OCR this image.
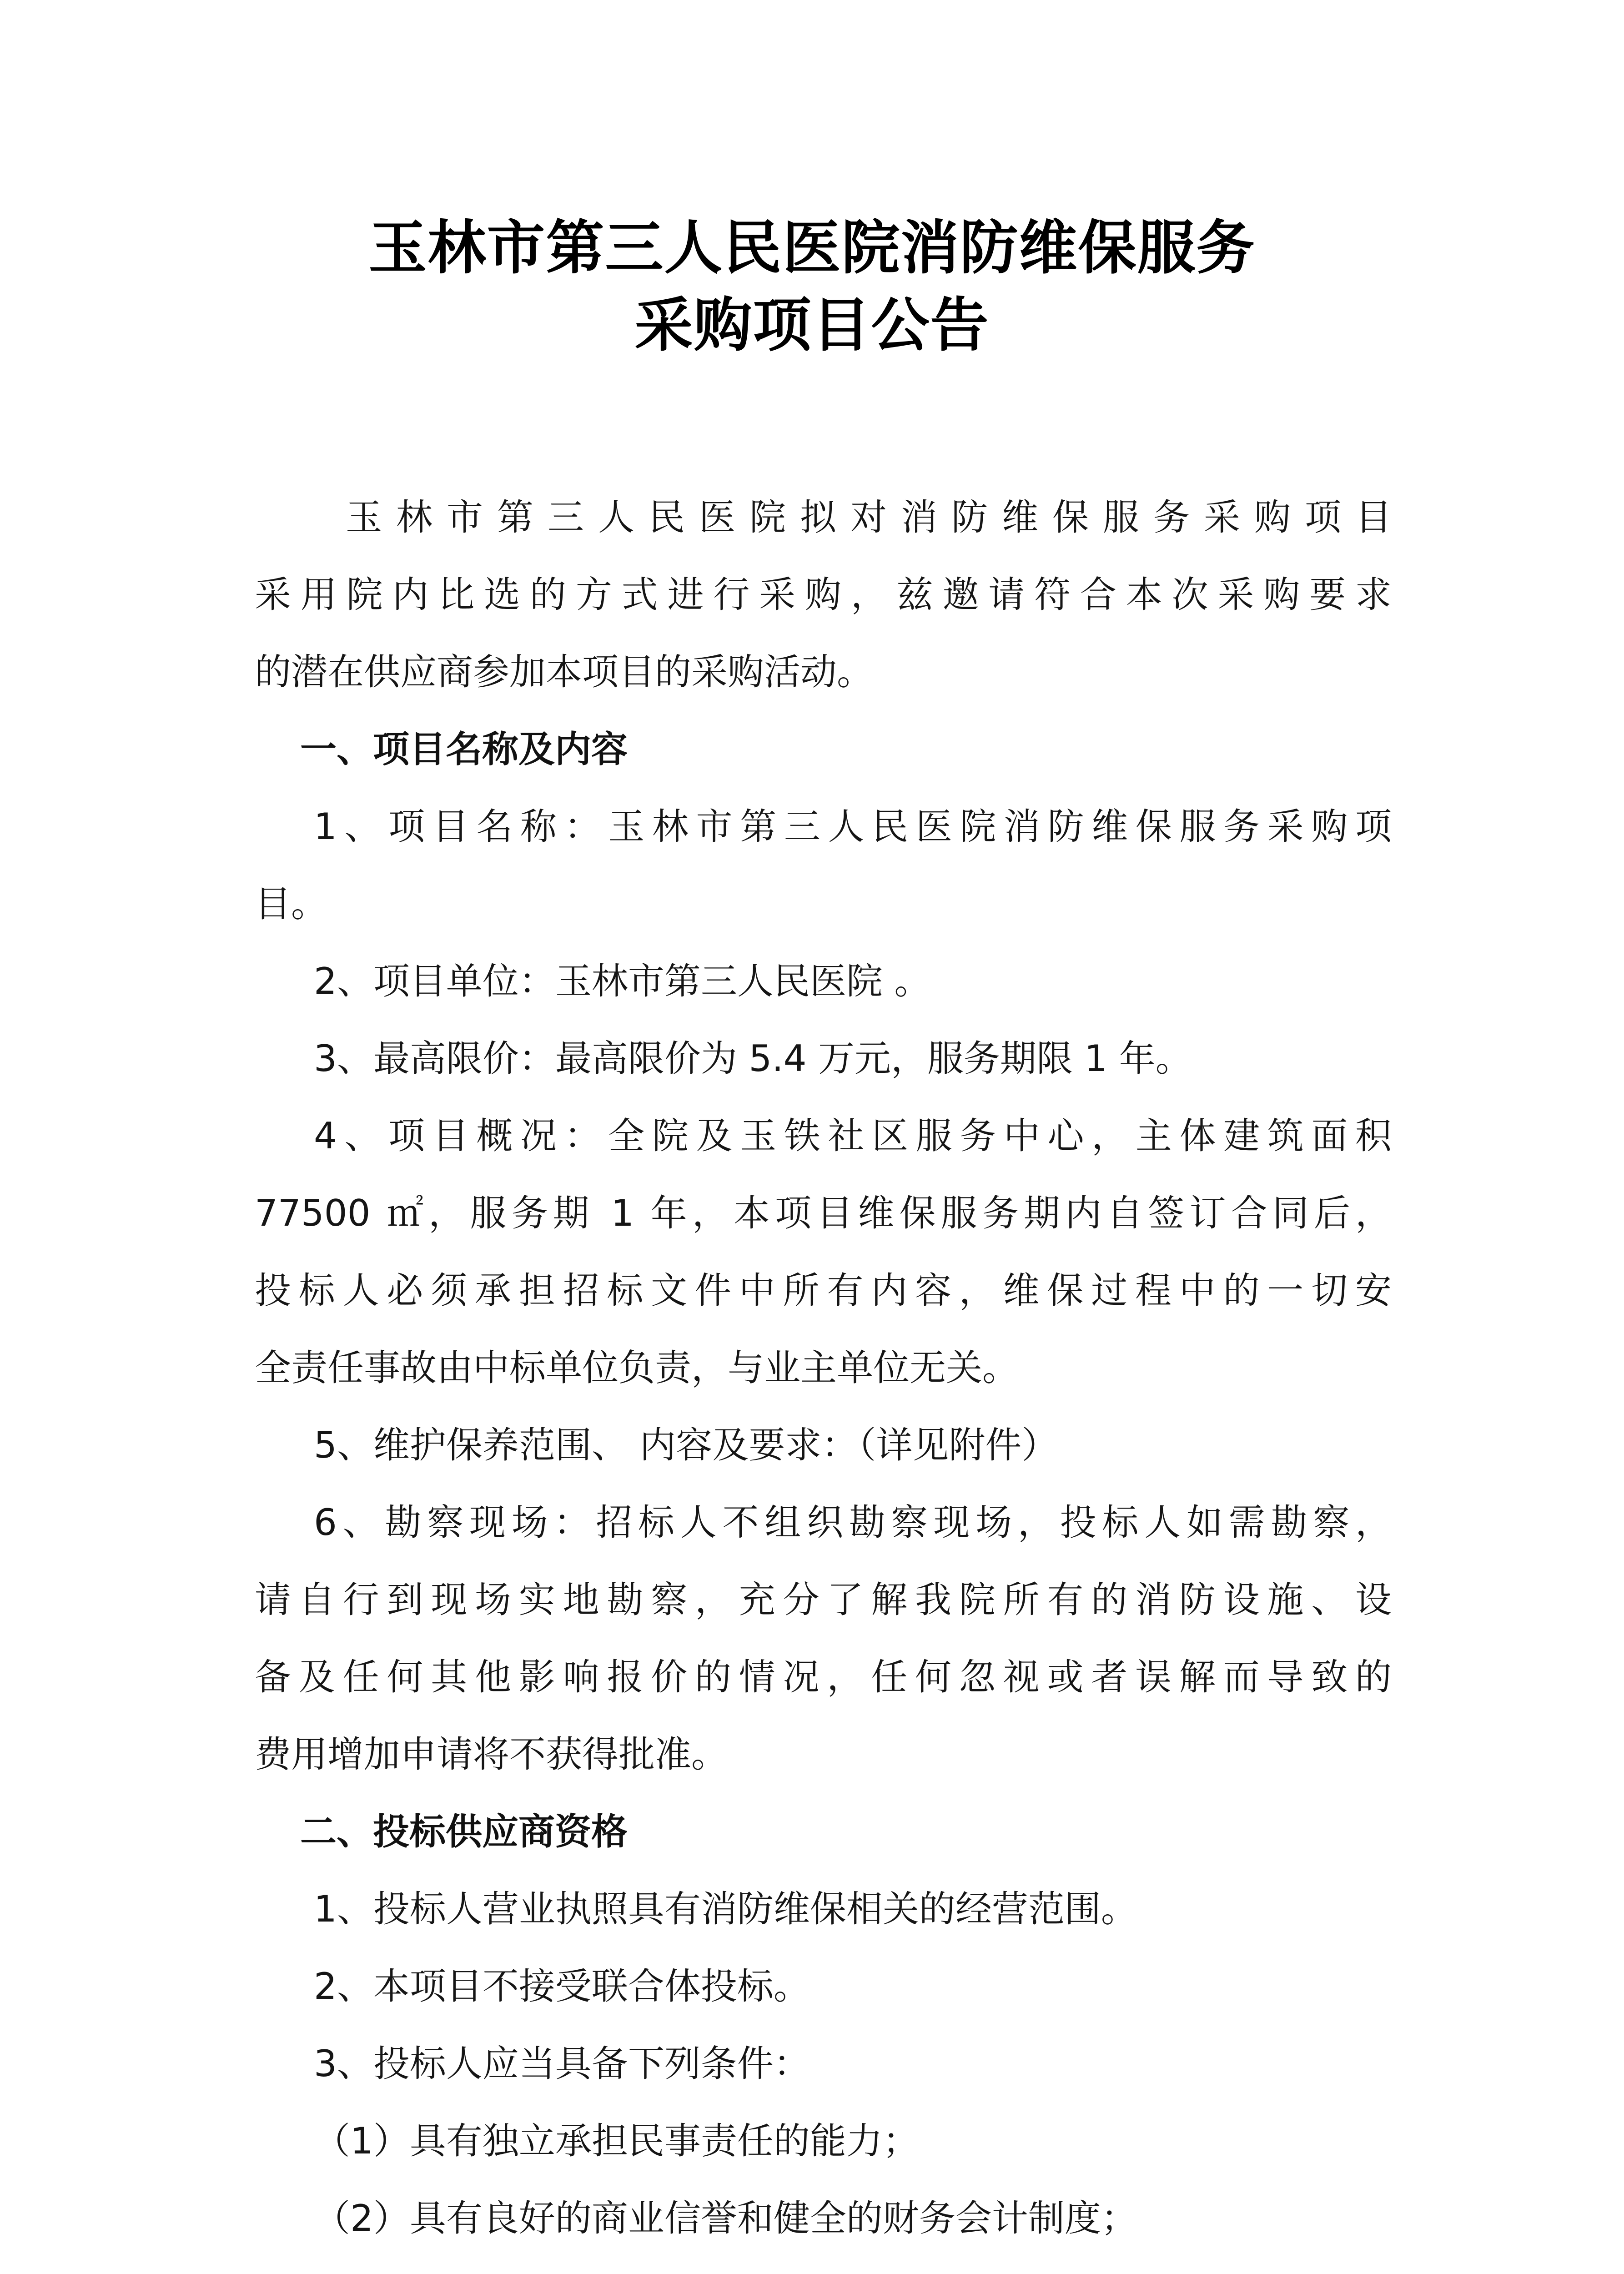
玉林市第三人民医院消防维保服务
采购项目公告
玉林市第三人民医院拟对消防维保服务采购项目
采用院内比选的方式进行采购，兹邀请符合本次采购要求
的潜在供应商参加本项目的采购活动。
一、项目名称及内容
1、项目名称：玉林市第三人民医院消防维保服务采购项
目。
2、项目单位：玉林市第三人民医院 。
3、最高限价：最高限价为 5.4 万元，服务期限 1 年。
4、项目概况：全院及玉铁社区服务中心，主体建筑面积
77500 ㎡，服务期 1 年，本项目维保服务期内自签订合同后，
投标人必须承担招标文件中所有内容，维保过程中的一切安
全责任事故由中标单位负责，与业主单位无关。
5、维护保养范围、 内容及要求：（详见附件）
6、勘察现场：招标人不组织勘察现场，投标人如需勘察，
请自行到现场实地勘察，充分了解我院所有的消防设施、设
备及任何其他影响报价的情况，任何忽视或者误解而导致的
费用增加申请将不获得批准。
二、投标供应商资格
1、投标人营业执照具有消防维保相关的经营范围。
2、本项目不接受联合体投标。
3、投标人应当具备下列条件：
（1）具有独立承担民事责任的能力；
（2）具有良好的商业信誉和健全的财务会计制度；
